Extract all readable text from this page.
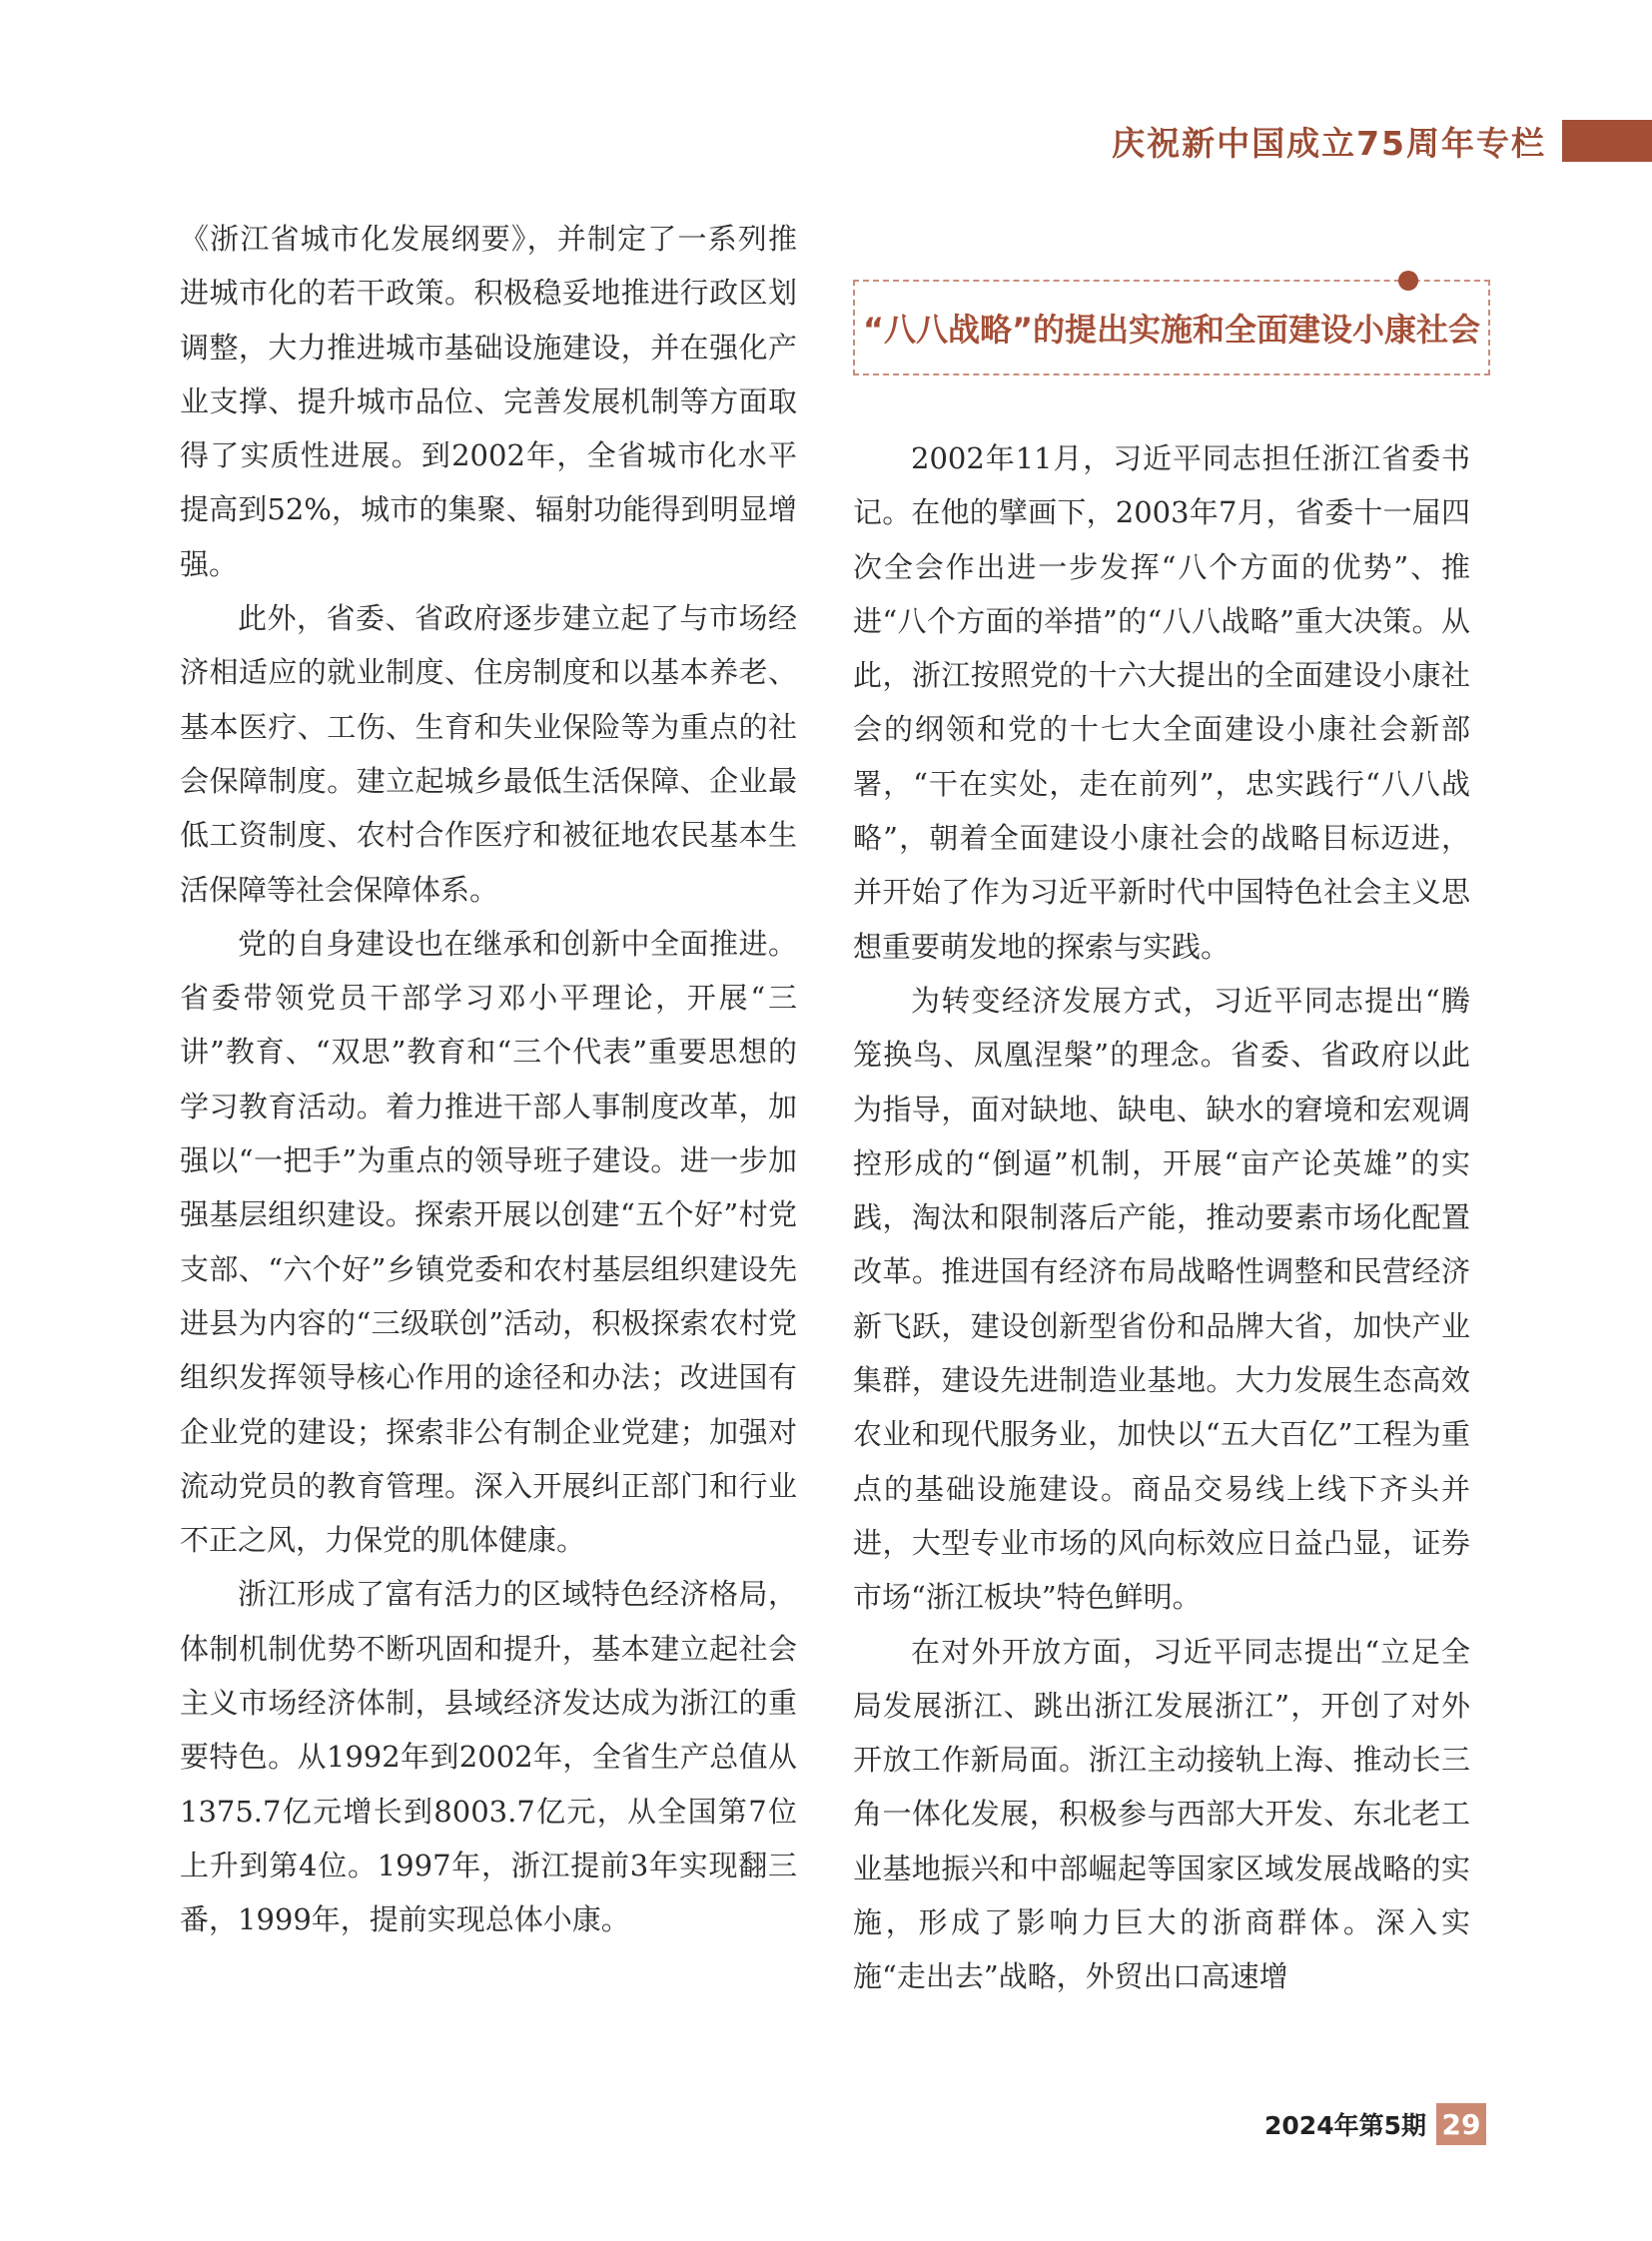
庆祝新中国成立75周年专栏

《浙江省城市化发展纲要》，并制定了一系列推进城市化的若干政策。积极稳妥地推进行政区划调整，大力推进城市基础设施建设，并在强化产业支撑、提升城市品位、完善发展机制等方面取得了实质性进展。到2002年，全省城市化水平提高到52%，城市的集聚、辐射功能得到明显增强。

此外，省委、省政府逐步建立起了与市场经济相适应的就业制度、住房制度和以基本养老、基本医疗、工伤、生育和失业保险等为重点的社会保障制度。建立起城乡最低生活保障、企业最低工资制度、农村合作医疗和被征地农民基本生活保障等社会保障体系。

党的自身建设也在继承和创新中全面推进。省委带领党员干部学习邓小平理论，开展“三讲”教育、“双思”教育和“三个代表”重要思想的学习教育活动。着力推进干部人事制度改革，加强以“一把手”为重点的领导班子建设。进一步加强基层组织建设。探索开展以创建“五个好”村党支部、“六个好”乡镇党委和农村基层组织建设先进县为内容的“三级联创”活动，积极探索农村党组织发挥领导核心作用的途径和办法；改进国有企业党的建设；探索非公有制企业党建；加强对流动党员的教育管理。深入开展纠正部门和行业不正之风，力保党的肌体健康。

浙江形成了富有活力的区域特色经济格局，体制机制优势不断巩固和提升，基本建立起社会主义市场经济体制，县域经济发达成为浙江的重要特色。从1992年到2002年，全省生产总值从1375.7亿元增长到8003.7亿元，从全国第7位上升到第4位。1997年，浙江提前3年实现翻三番，1999年，提前实现总体小康。

“八八战略”的提出实施和全面建设小康社会

2002年11月，习近平同志担任浙江省委书记。在他的擘画下，2003年7月，省委十一届四次全会作出进一步发挥“八个方面的优势”、推进“八个方面的举措”的“八八战略”重大决策。从此，浙江按照党的十六大提出的全面建设小康社会的纲领和党的十七大全面建设小康社会新部署，“干在实处，走在前列”，忠实践行“八八战略”，朝着全面建设小康社会的战略目标迈进，并开始了作为习近平新时代中国特色社会主义思想重要萌发地的探索与实践。

为转变经济发展方式，习近平同志提出“腾笼换鸟、凤凰涅槃”的理念。省委、省政府以此为指导，面对缺地、缺电、缺水的窘境和宏观调控形成的“倒逼”机制，开展“亩产论英雄”的实践，淘汰和限制落后产能，推动要素市场化配置改革。推进国有经济布局战略性调整和民营经济新飞跃，建设创新型省份和品牌大省，加快产业集群，建设先进制造业基地。大力发展生态高效农业和现代服务业，加快以“五大百亿”工程为重点的基础设施建设。商品交易线上线下齐头并进，大型专业市场的风向标效应日益凸显，证券市场“浙江板块”特色鲜明。

在对外开放方面，习近平同志提出“立足全局发展浙江、跳出浙江发展浙江”，开创了对外开放工作新局面。浙江主动接轨上海、推动长三角一体化发展，积极参与西部大开发、东北老工业基地振兴和中部崛起等国家区域发展战略的实施，形成了影响力巨大的浙商群体。深入实施“走出去”战略，外贸出口高速增

2024年第5期 29
